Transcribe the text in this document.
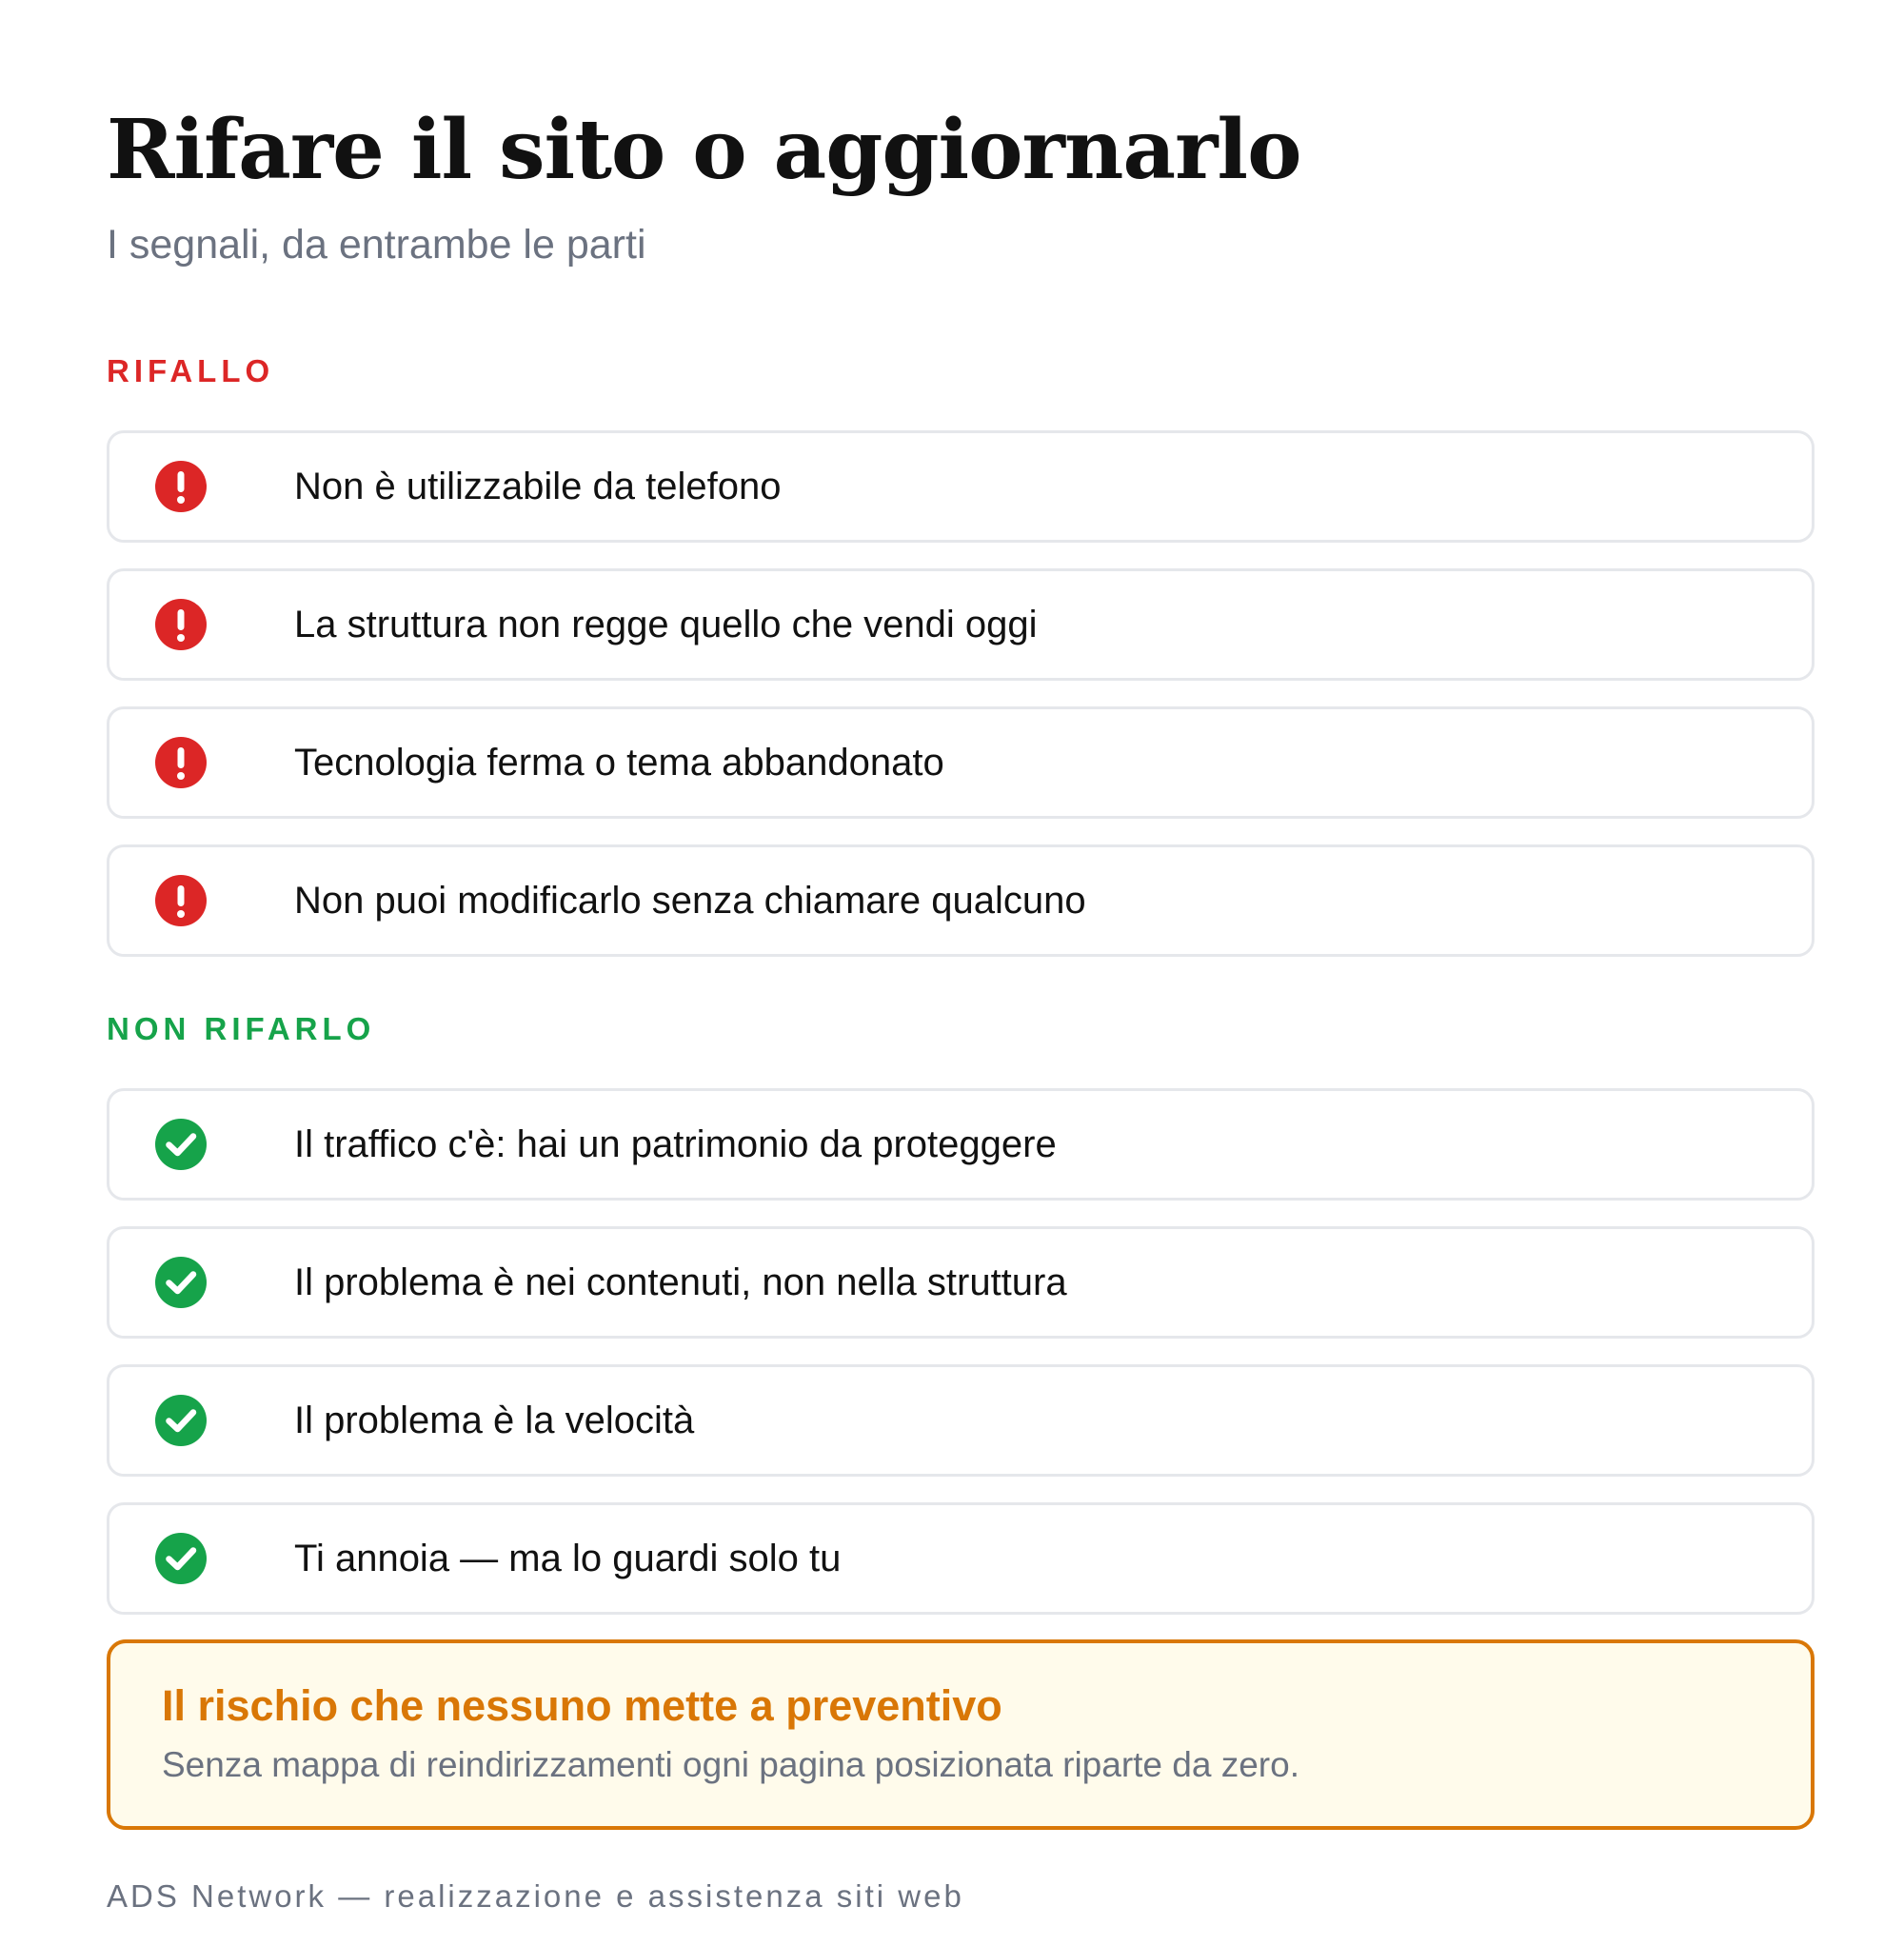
Rifare il sito o aggiornarlo
I segnali, da entrambe le parti
RIFALLO
Non è utilizzabile da telefono
La struttura non regge quello che vendi oggi
Tecnologia ferma o tema abbandonato
Non puoi modificarlo senza chiamare qualcuno
NON RIFARLO
Il traffico c'è: hai un patrimonio da proteggere
Il problema è nei contenuti, non nella struttura
Il problema è la velocità
Ti annoia — ma lo guardi solo tu
Il rischio che nessuno mette a preventivo
Senza mappa di reindirizzamenti ogni pagina posizionata riparte da zero.
ADS Network — realizzazione e assistenza siti web
